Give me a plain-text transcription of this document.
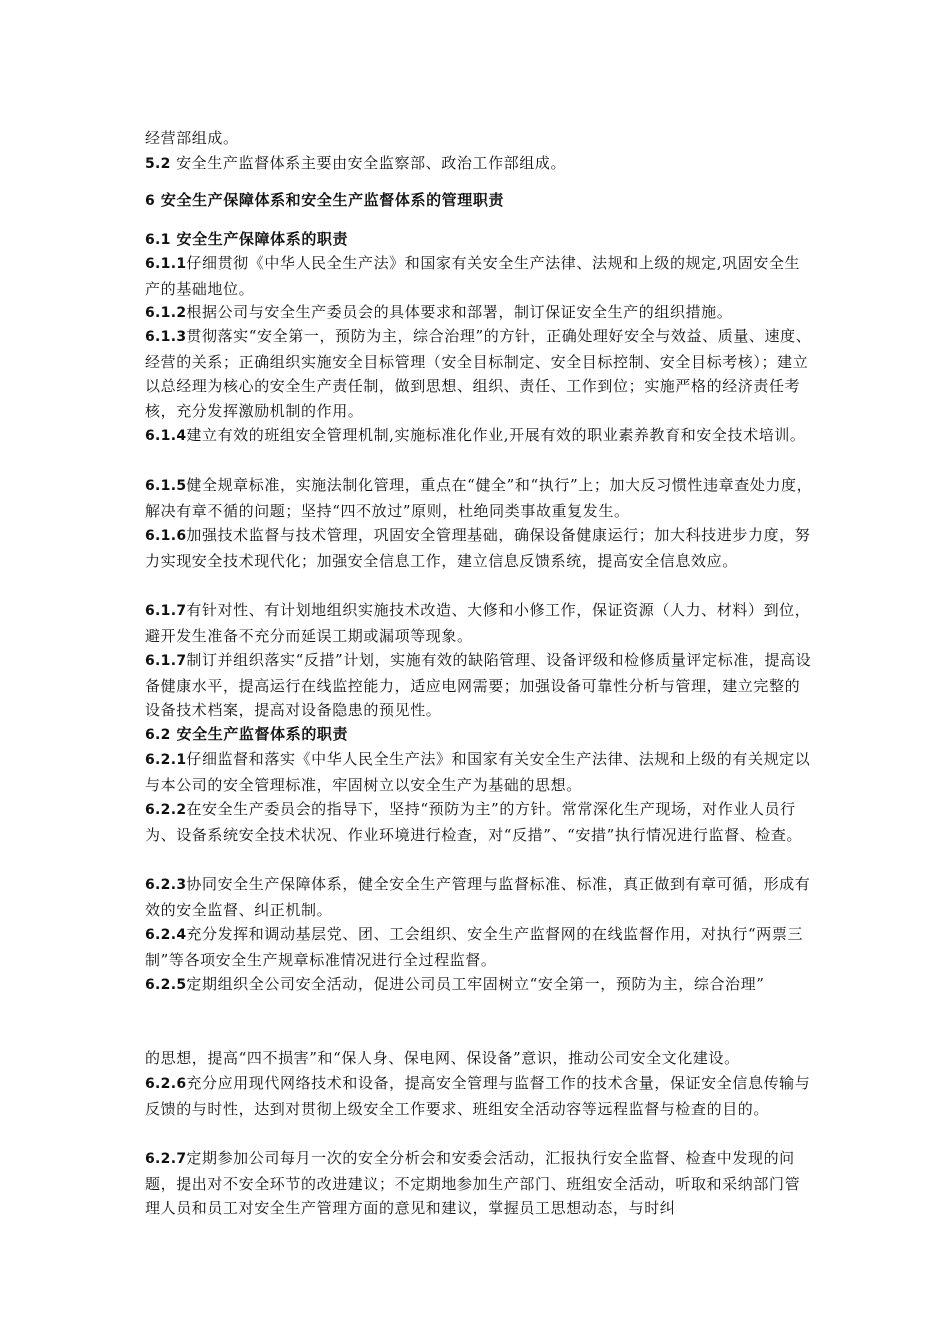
经营部组成。

5.2 安全生产监督体系主要由安全监察部、政治工作部组成。

6 安全生产保障体系和安全生产监督体系的管理职责

6.1 安全生产保障体系的职责

6.1.1仔细贯彻《中华人民全生产法》和国家有关安全生产法律、法规和上级的规定,巩固安全生产的基础地位。

6.1.2根据公司与安全生产委员会的具体要求和部署，制订保证安全生产的组织措施。

6.1.3贯彻落实“安全第一，预防为主，综合治理”的方针，正确处理好安全与效益、质量、速度、经营的关系；正确组织实施安全目标管理（安全目标制定、安全目标控制、安全目标考核）；建立以总经理为核心的安全生产责任制，做到思想、组织、责任、工作到位；实施严格的经济责任考核，充分发挥激励机制的作用。

6.1.4建立有效的班组安全管理机制,实施标准化作业,开展有效的职业素养教育和安全技术培训。

6.1.5健全规章标准，实施法制化管理，重点在“健全”和“执行”上；加大反习惯性违章查处力度，解决有章不循的问题；坚持“四不放过”原则，杜绝同类事故重复发生。

6.1.6加强技术监督与技术管理，巩固安全管理基础，确保设备健康运行；加大科技进步力度，努力实现安全技术现代化；加强安全信息工作，建立信息反馈系统，提高安全信息效应。

6.1.7有针对性、有计划地组织实施技术改造、大修和小修工作，保证资源（人力、材料）到位，避开发生准备不充分而延误工期或漏项等现象。

6.1.7制订并组织落实“反措”计划，实施有效的缺陷管理、设备评级和检修质量评定标准，提高设备健康水平，提高运行在线监控能力，适应电网需要；加强设备可靠性分析与管理，建立完整的设备技术档案，提高对设备隐患的预见性。

6.2 安全生产监督体系的职责

6.2.1仔细监督和落实《中华人民全生产法》和国家有关安全生产法律、法规和上级的有关规定以与本公司的安全管理标准，牢固树立以安全生产为基础的思想。

6.2.2在安全生产委员会的指导下，坚持“预防为主”的方针。常常深化生产现场，对作业人员行为、设备系统安全技术状况、作业环境进行检查，对“反措”、“安措”执行情况进行监督、检查。

6.2.3协同安全生产保障体系，健全安全生产管理与监督标准、标准，真正做到有章可循，形成有效的安全监督、纠正机制。

6.2.4充分发挥和调动基层党、团、工会组织、安全生产监督网的在线监督作用，对执行“两票三制”等各项安全生产规章标准情况进行全过程监督。

6.2.5定期组织全公司安全活动，促进公司员工牢固树立“安全第一，预防为主，综合治理”

的思想，提高“四不损害”和“保人身、保电网、保设备”意识，推动公司安全文化建设。

6.2.6充分应用现代网络技术和设备，提高安全管理与监督工作的技术含量，保证安全信息传输与反馈的与时性，达到对贯彻上级安全工作要求、班组安全活动容等远程监督与检查的目的。

6.2.7定期参加公司每月一次的安全分析会和安委会活动，汇报执行安全监督、检查中发现的问题，提出对不安全环节的改进建议；不定期地参加生产部门、班组安全活动，听取和采纳部门管理人员和员工对安全生产管理方面的意见和建议，掌握员工思想动态，与时纠
